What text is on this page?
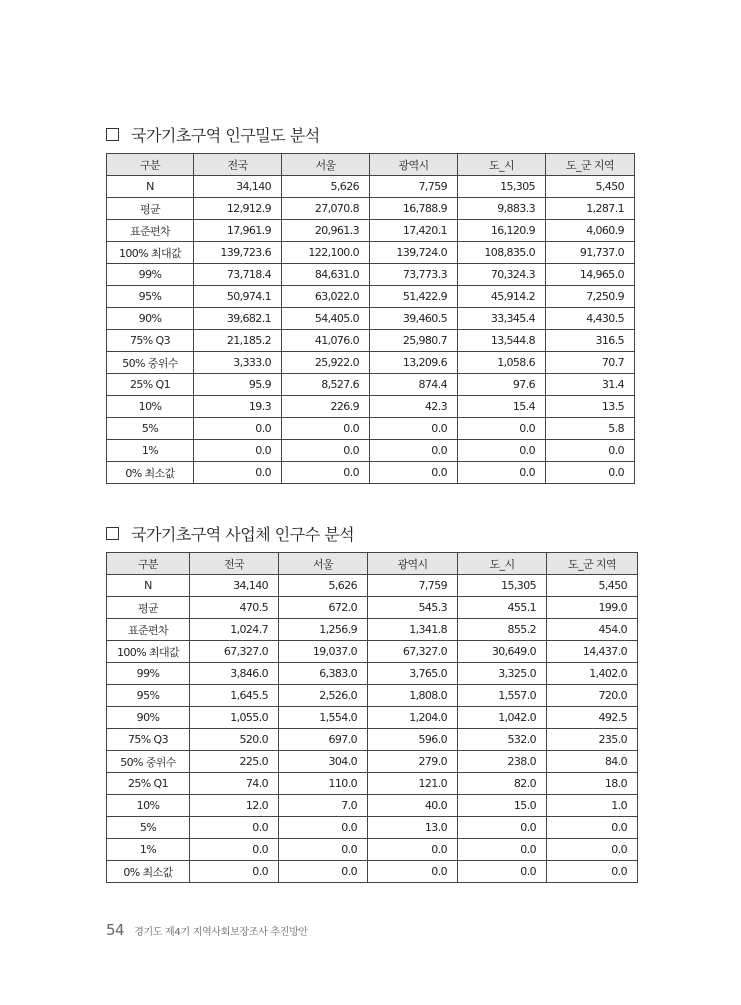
국가기초구역 인구밀도 분석
구분	전국	서울	광역시	도_시	도_군 지역
N	34,140	5,626	7,759	15,305	5,450
평균	12,912.9	27,070.8	16,788.9	9,883.3	1,287.1
표준편차	17,961.9	20,961.3	17,420.1	16,120.9	4,060.9
100% 최대값	139,723.6	122,100.0	139,724.0	108,835.0	91,737.0
99%	73,718.4	84,631.0	73,773.3	70,324.3	14,965.0
95%	50,974.1	63,022.0	51,422.9	45,914.2	7,250.9
90%	39,682.1	54,405.0	39,460.5	33,345.4	4,430.5
75% Q3	21,185.2	41,076.0	25,980.7	13,544.8	316.5
50% 중위수	3,333.0	25,922.0	13,209.6	1,058.6	70.7
25% Q1	95.9	8,527.6	874.4	97.6	31.4
10%	19.3	226.9	42.3	15.4	13.5
5%	0.0	0.0	0.0	0.0	5.8
1%	0.0	0.0	0.0	0.0	0.0
0% 최소값	0.0	0.0	0.0	0.0	0.0
국가기초구역 사업체 인구수 분석
구분	전국	서울	광역시	도_시	도_군 지역
N	34,140	5,626	7,759	15,305	5,450
평균	470.5	672.0	545.3	455.1	199.0
표준편차	1,024.7	1,256.9	1,341.8	855.2	454.0
100% 최대값	67,327.0	19,037.0	67,327.0	30,649.0	14,437.0
99%	3,846.0	6,383.0	3,765.0	3,325.0	1,402.0
95%	1,645.5	2,526.0	1,808.0	1,557.0	720.0
90%	1,055.0	1,554.0	1,204.0	1,042.0	492.5
75% Q3	520.0	697.0	596.0	532.0	235.0
50% 중위수	225.0	304.0	279.0	238.0	84.0
25% Q1	74.0	110.0	121.0	82.0	18.0
10%	12.0	7.0	40.0	15.0	1.0
5%	0.0	0.0	13.0	0.0	0.0
1%	0.0	0.0	0.0	0.0	0.0
0% 최소값	0.0	0.0	0.0	0.0	0.0
54 경기도 제4기 지역사회보장조사 추진방안
